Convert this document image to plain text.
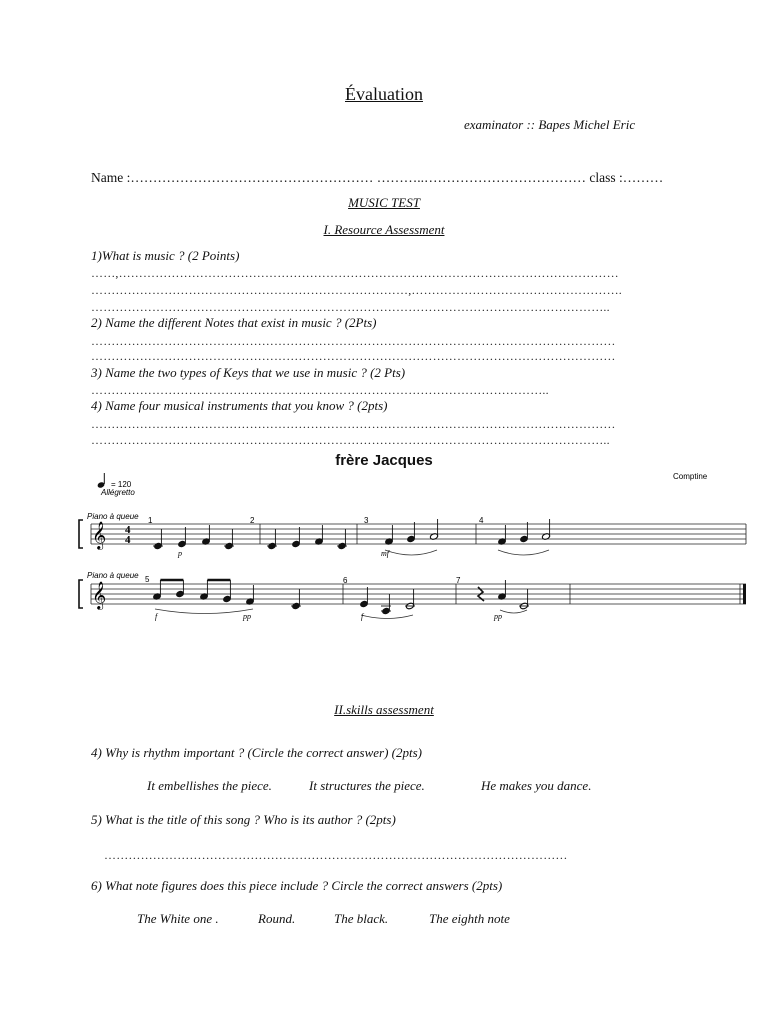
Évaluation
examinator :: Bapes Michel Eric
Name :……………………………………………… ………..……………………………… class :………
MUSIC TEST
I. Resource Assessment
1)What is music ? (2 Points)
……,……………………………………………………………………………………………………………
……………………………………………………………………,…………………………………………….
………………………………………………………………………………………………………………..
2) Name the different Notes that exist in music ? (2Pts)
…………………………………………………………………………………………………………………
…………………………………………………………………………………………………………………
3) Name the two types of Keys that we use in music ? (2 Pts)
…………………………………………………………………………………………………..
4) Name four musical instruments that you know ? (2pts)
…………………………………………………………………………………………………………………
………………………………………………………………………………………………………………..
frère Jacques
= 120
Allégretto
Comptine
Piano à queue
𝄞 4
4
1	2	3	4
p	mf
Piano à queue
𝄞
6	7
5
f	pp	f	pp
II.skills assessment
4) Why is rhythm important ? (Circle the correct answer) (2pts)
It embellishes the piece.	It structures the piece.	He makes you dance.
5) What is the title of this song ? Who is its author ? (2pts)
……………………………………………………………………………………………………
6) What note figures does this piece include ? Circle the correct answers (2pts)
The White one .	Round.	The black.	The eighth note
